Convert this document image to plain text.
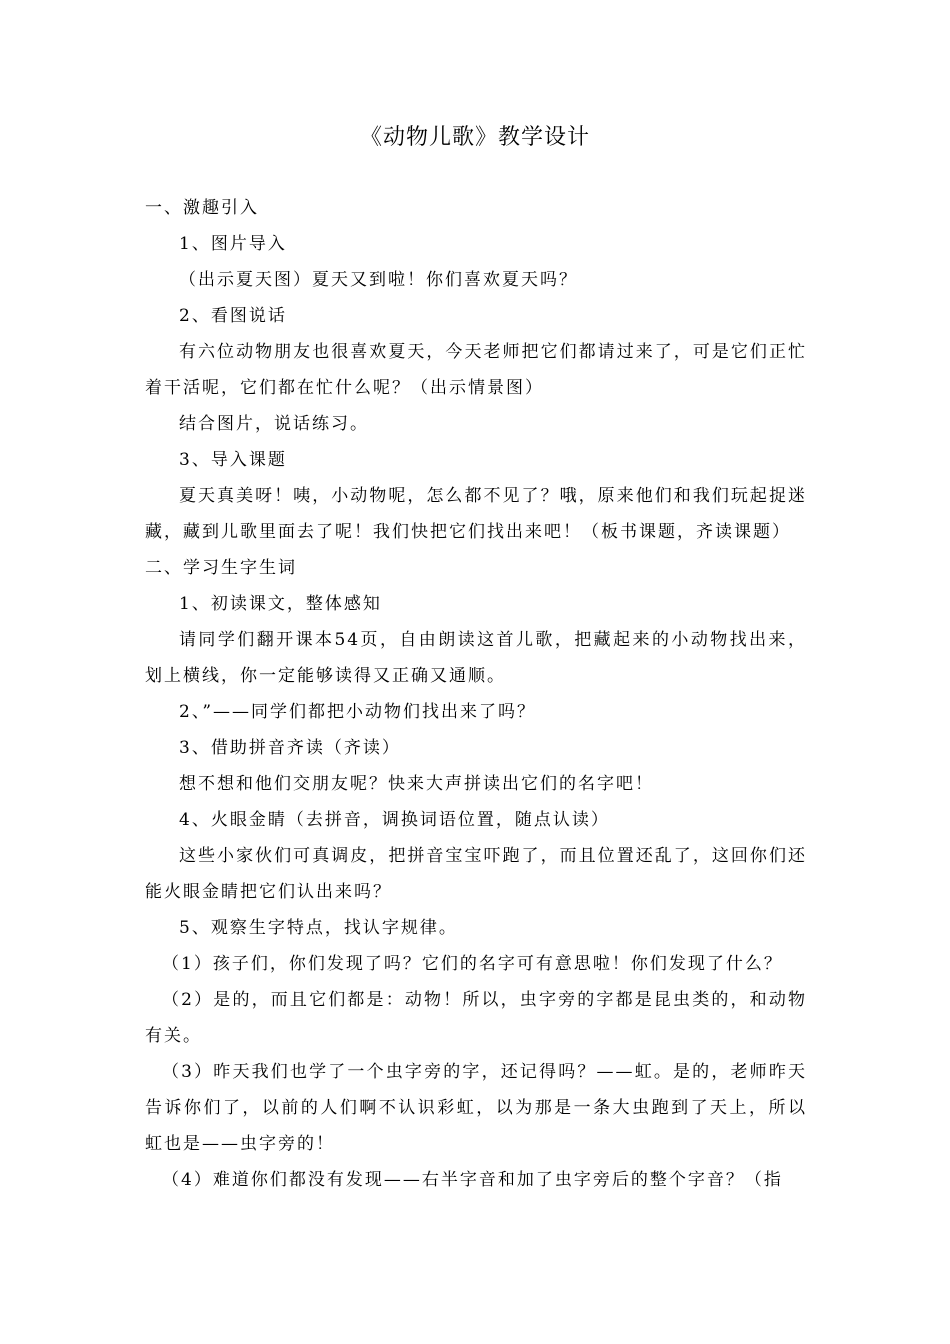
《动物儿歌》教学设计

一、激趣引入

1、图片导入

（出示夏天图）夏天又到啦！你们喜欢夏天吗？

2、看图说话

有六位动物朋友也很喜欢夏天，今天老师把它们都请过来了，可是它们正忙着干活呢，它们都在忙什么呢？（出示情景图）

结合图片，说话练习。

3、导入课题

夏天真美呀！咦，小动物呢，怎么都不见了？哦，原来他们和我们玩起捉迷藏，藏到儿歌里面去了呢！我们快把它们找出来吧！（板书课题，齐读课题）

二、学习生字生词

1、初读课文，整体感知

请同学们翻开课本54页，自由朗读这首儿歌，把藏起来的小动物找出来，划上横线，你一定能够读得又正确又通顺。

2、”——同学们都把小动物们找出来了吗？

3、借助拼音齐读（齐读）

想不想和他们交朋友呢？快来大声拼读出它们的名字吧！

4、火眼金睛（去拼音，调换词语位置，随点认读）

这些小家伙们可真调皮，把拼音宝宝吓跑了，而且位置还乱了，这回你们还能火眼金睛把它们认出来吗？

5、观察生字特点，找认字规律。

（1）孩子们，你们发现了吗？它们的名字可有意思啦！你们发现了什么？

（2）是的，而且它们都是：动物！所以，虫字旁的字都是昆虫类的，和动物有关。

（3）昨天我们也学了一个虫字旁的字，还记得吗？——虹。是的，老师昨天告诉你们了，以前的人们啊不认识彩虹，以为那是一条大虫跑到了天上，所以虹也是——虫字旁的！

（4）难道你们都没有发现——右半字音和加了虫字旁后的整个字音？（指
